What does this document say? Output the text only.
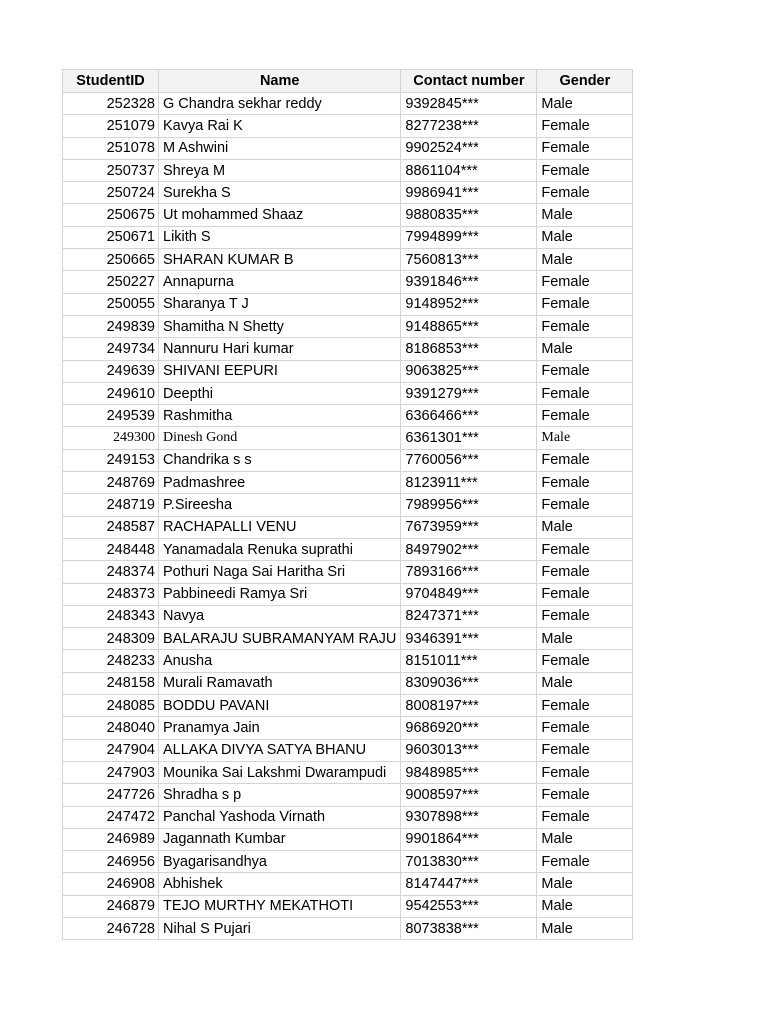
StudentID	Name	Contact number	Gender
252328	G Chandra sekhar reddy	9392845***	Male
251079	Kavya Rai K	8277238***	Female
251078	M Ashwini	9902524***	Female
250737	Shreya M	8861104***	Female
250724	Surekha S	9986941***	Female
250675	Ut mohammed Shaaz	9880835***	Male
250671	Likith S	7994899***	Male
250665	SHARAN KUMAR B	7560813***	Male
250227	Annapurna	9391846***	Female
250055	Sharanya T J	9148952***	Female
249839	Shamitha N Shetty	9148865***	Female
249734	Nannuru Hari kumar	8186853***	Male
249639	SHIVANI EEPURI	9063825***	Female
249610	Deepthi	9391279***	Female
249539	Rashmitha	6366466***	Female
249300	Dinesh Gond	6361301***	Male
249153	Chandrika s s	7760056***	Female
248769	Padmashree	8123911***	Female
248719	P.Sireesha	7989956***	Female
248587	RACHAPALLI VENU	7673959***	Male
248448	Yanamadala Renuka suprathi	8497902***	Female
248374	Pothuri Naga Sai Haritha Sri	7893166***	Female
248373	Pabbineedi Ramya Sri	9704849***	Female
248343	Navya	8247371***	Female
248309	BALARAJU SUBRAMANYAM RAJU	9346391***	Male
248233	Anusha	8151011***	Female
248158	Murali Ramavath	8309036***	Male
248085	BODDU PAVANI	8008197***	Female
248040	Pranamya Jain	9686920***	Female
247904	ALLAKA DIVYA SATYA BHANU	9603013***	Female
247903	Mounika Sai Lakshmi Dwarampudi	9848985***	Female
247726	Shradha s p	9008597***	Female
247472	Panchal Yashoda Virnath	9307898***	Female
246989	Jagannath Kumbar	9901864***	Male
246956	Byagarisandhya	7013830***	Female
246908	Abhishek	8147447***	Male
246879	TEJO MURTHY MEKATHOTI	9542553***	Male
246728	Nihal S Pujari	8073838***	Male
